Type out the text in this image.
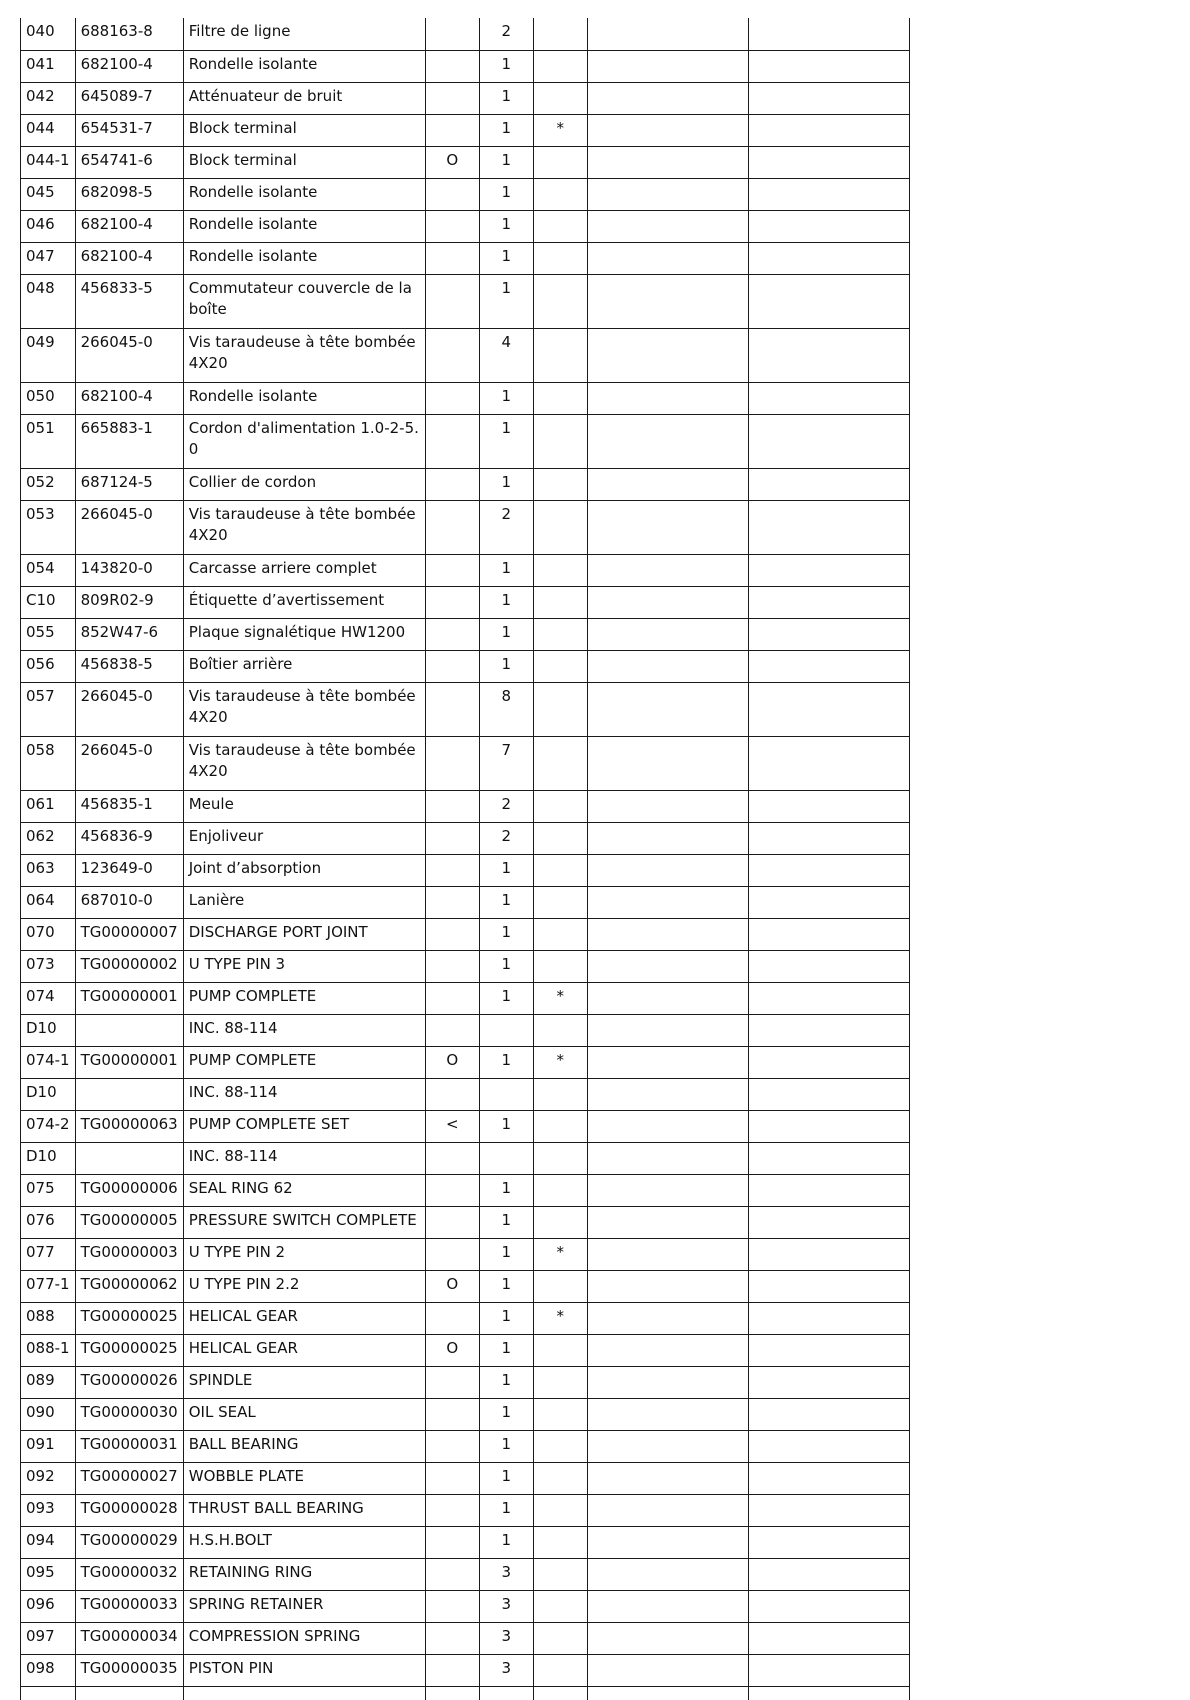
040	688163-8	Filtre de ligne		2			
041	682100-4	Rondelle isolante		1			
042	645089-7	Atténuateur de bruit		1			
044	654531-7	Block terminal		1	*		
044-1	654741-6	Block terminal	O	1			
045	682098-5	Rondelle isolante		1			
046	682100-4	Rondelle isolante		1			
047	682100-4	Rondelle isolante		1			
048	456833-5	Commutateur couvercle de la boîte		1			
049	266045-0	Vis taraudeuse à tête bombée 4X20		4			
050	682100-4	Rondelle isolante		1			
051	665883-1	Cordon d'alimentation 1.0-2-5.0		1			
052	687124-5	Collier de cordon		1			
053	266045-0	Vis taraudeuse à tête bombée 4X20		2			
054	143820-0	Carcasse arriere complet		1			
C10	809R02-9	Étiquette d’avertissement		1			
055	852W47-6	Plaque signalétique HW1200		1			
056	456838-5	Boîtier arrière		1			
057	266045-0	Vis taraudeuse à tête bombée 4X20		8			
058	266045-0	Vis taraudeuse à tête bombée 4X20		7			
061	456835-1	Meule		2			
062	456836-9	Enjoliveur		2			
063	123649-0	Joint d’absorption		1			
064	687010-0	Lanière		1			
070	TG00000007	DISCHARGE PORT JOINT		1			
073	TG00000002	U TYPE PIN 3		1			
074	TG00000001	PUMP COMPLETE		1	*		
D10		INC. 88-114					
074-1	TG00000001	PUMP COMPLETE	O	1	*		
D10		INC. 88-114					
074-2	TG00000063	PUMP COMPLETE SET	<	1			
D10		INC. 88-114					
075	TG00000006	SEAL RING 62		1			
076	TG00000005	PRESSURE SWITCH COMPLETE		1			
077	TG00000003	U TYPE PIN 2		1	*		
077-1	TG00000062	U TYPE PIN 2.2	O	1			
088	TG00000025	HELICAL GEAR		1	*		
088-1	TG00000025	HELICAL GEAR	O	1			
089	TG00000026	SPINDLE		1			
090	TG00000030	OIL SEAL		1			
091	TG00000031	BALL BEARING		1			
092	TG00000027	WOBBLE PLATE		1			
093	TG00000028	THRUST BALL BEARING		1			
094	TG00000029	H.S.H.BOLT		1			
095	TG00000032	RETAINING RING		3			
096	TG00000033	SPRING RETAINER		3			
097	TG00000034	COMPRESSION SPRING		3			
098	TG00000035	PISTON PIN		3			
